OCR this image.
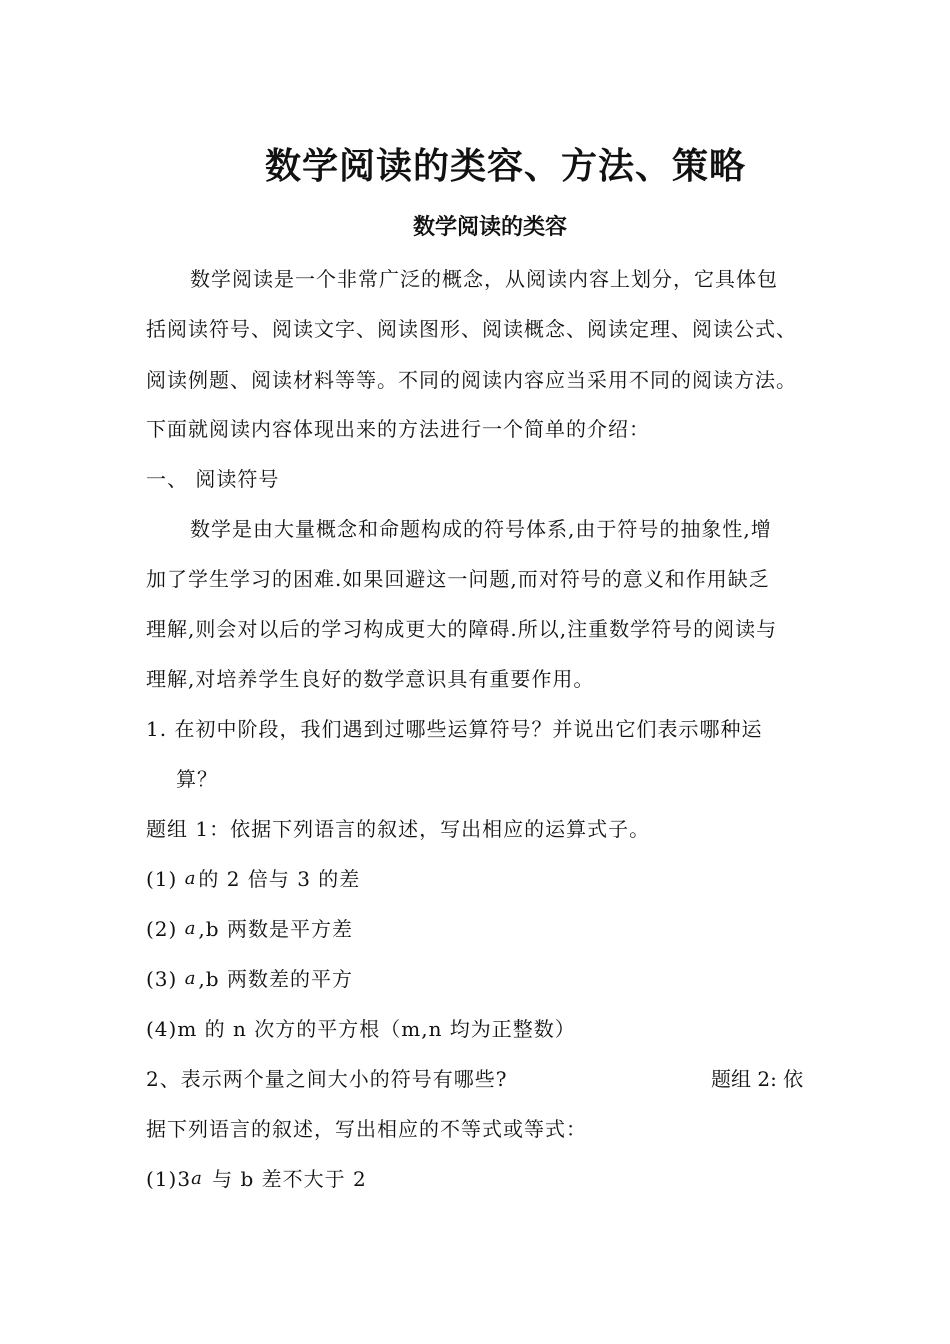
数学阅读的类容、方法、策略
数学阅读的类容
数学阅读是一个非常广泛的概念，从阅读内容上划分，它具体包
括阅读符号、阅读文字、阅读图形、阅读概念、阅读定理、阅读公式、
阅读例题、阅读材料等等。不同的阅读内容应当采用不同的阅读方法。
下面就阅读内容体现出来的方法进行一个简单的介绍：
一、 阅读符号
数学是由大量概念和命题构成的符号体系,由于符号的抽象性,增
加了学生学习的困难.如果回避这一问题,而对符号的意义和作用缺乏
理解,则会对以后的学习构成更大的障碍.所以,注重数学符号的阅读与
理解,对培养学生良好的数学意识具有重要作用。
1. 在初中阶段，我们遇到过哪些运算符号？并说出它们表示哪种运
算？
题组 1：依据下列语言的叙述，写出相应的运算式子。
(1) a 的 2 倍与 3 的差
(2) a ,b 两数是平方差
(3) a ,b 两数差的平方
(4)m 的 n 次方的平方根（m,n 均为正整数）
2、表示两个量之间大小的符号有哪些?	题组 2: 依
据下列语言的叙述，写出相应的不等式或等式：
(1)3a 与 b 差不大于 2
